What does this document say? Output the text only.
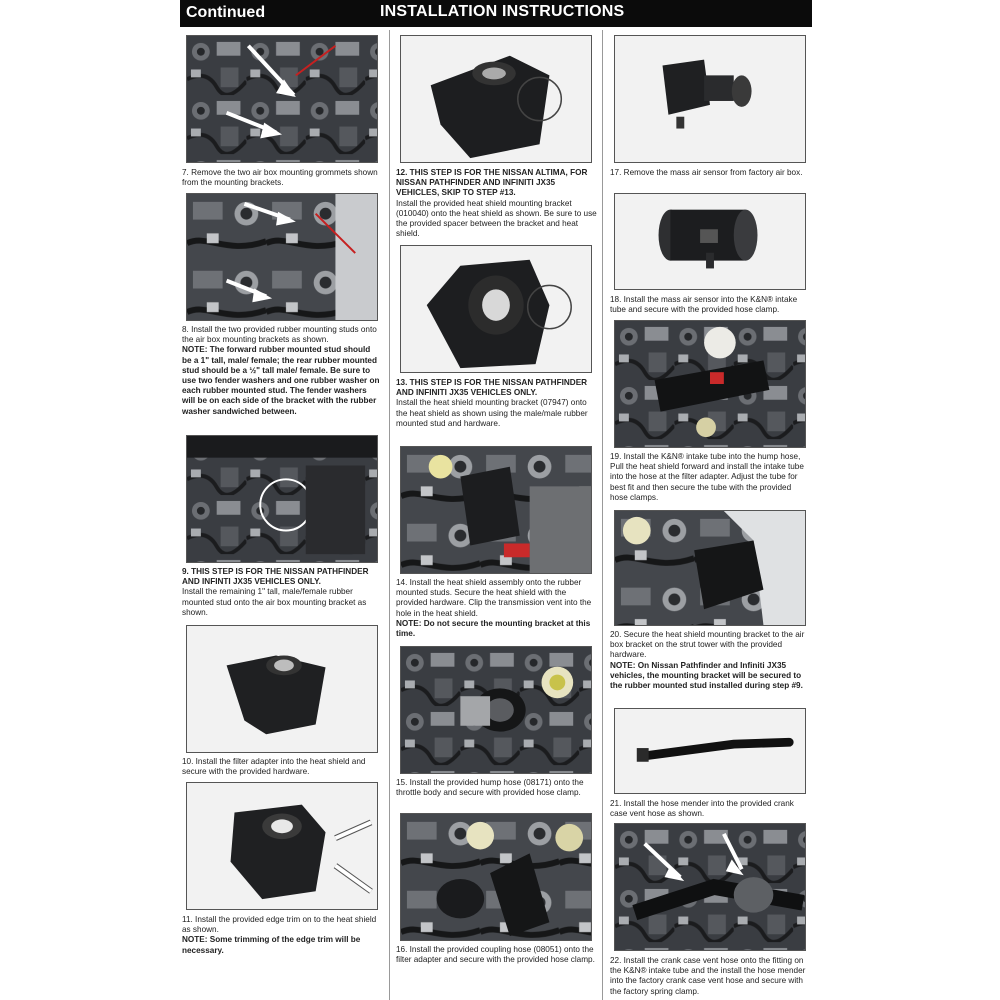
Continued	INSTALLATION INSTRUCTIONS
7. Remove the two air box mounting grommets shown from the mounting brackets.
8. Install the two provided rubber mounting studs onto the air box mounting brackets as shown.
NOTE: The forward rubber mounted stud should be a 1" tall, male/ female; the rear rubber mounted stud should be a ½" tall male/ female. Be sure to use two fender washers and one rubber washer on each rubber mounted stud. The fender washers will be on each side of the bracket with the rubber washer sandwiched between.
9. THIS STEP IS FOR THE NISSAN PATHFINDER AND INFINTI JX35 VEHICLES ONLY.
Install the remaining 1" tall, male/female rubber mounted stud onto the air box mounting bracket as shown.
10. Install the filter adapter into the heat shield and secure with the provided hardware.
11. Install the provided edge trim on to the heat shield as shown.
NOTE: Some trimming of the edge trim will be necessary.
12. THIS STEP IS FOR THE NISSAN ALTIMA, FOR NISSAN PATHFINDER AND INFINITI JX35 VEHICLES, SKIP TO STEP #13.
Install the provided heat shield mounting bracket (010040) onto the heat shield as shown. Be sure to use the provided spacer between the bracket and heat shield.
13. THIS STEP IS FOR THE NISSAN PATHFINDER AND INFINITI JX35 VEHICLES ONLY.
Install the heat shield mounting bracket (07947) onto the heat shield as shown using the male/male rubber mounted stud and hardware.
14. Install the heat shield assembly onto the rubber mounted studs. Secure the heat shield with the provided hardware. Clip the transmission vent into the hole in the heat shield.
NOTE: Do not secure the mounting bracket at this time.
15. Install the provided hump hose (08171) onto the throttle body and secure with provided hose clamp.
16. Install the provided coupling hose (08051) onto the filter adapter and secure with the provided hose clamp.
17. Remove the mass air sensor from factory air box.
18. Install the mass air sensor into the K&N® intake tube and secure with the provided hose clamp.
19. Install the K&N® intake tube into the hump hose, Pull the heat shield forward and install the intake tube into the hose at the filter adapter. Adjust the tube for best fit and then secure the tube with the provided hose clamps.
20. Secure the heat shield mounting bracket to the air box bracket on the strut tower with the provided hardware.
NOTE: On Nissan Pathfinder and Infiniti JX35 vehicles, the mounting bracket will be secured to the rubber mounted stud installed during step #9.
21. Install the hose mender into the provided crank case vent hose as shown.
22. Install the crank case vent hose onto the fitting on the K&N® intake tube and the install the hose mender into the factory crank case vent hose and secure with the factory spring clamp.
